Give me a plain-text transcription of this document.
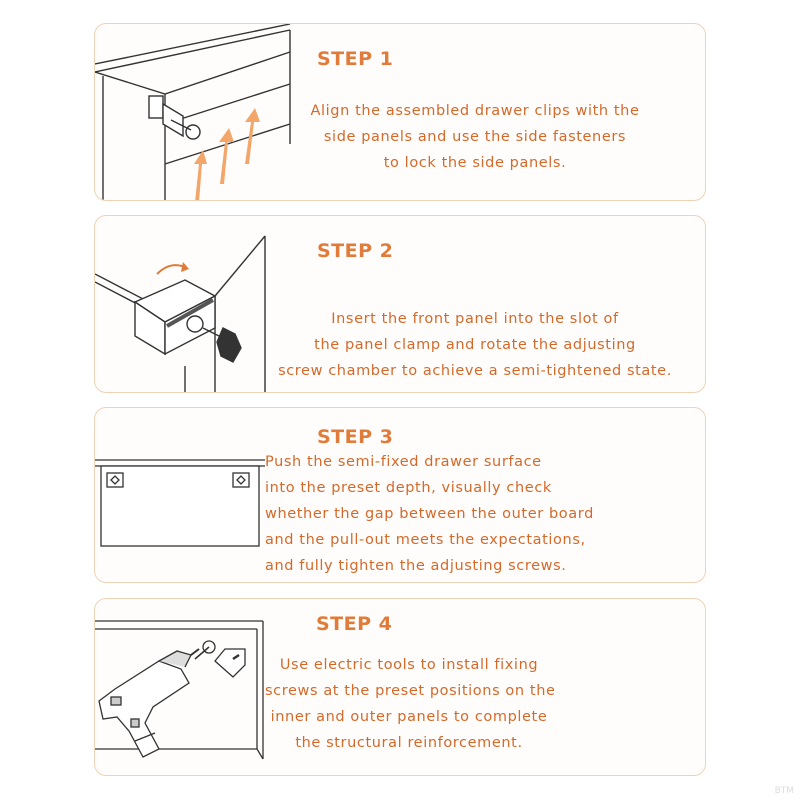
STEP 1

Align the assembled drawer clips with the
side panels and use the side fasteners
to lock the side panels.

STEP 2

Insert the front panel into the slot of
the panel clamp and rotate the adjusting
screw chamber to achieve a semi-tightened state.

STEP 3

Push the semi-fixed drawer surface
into the preset depth, visually check
whether the gap between the outer board
and the pull-out meets the expectations,
and fully tighten the adjusting screws.

STEP 4

Use electric tools to install fixing
screws at the preset positions on the
inner and outer panels to complete
the structural reinforcement.

BTM
